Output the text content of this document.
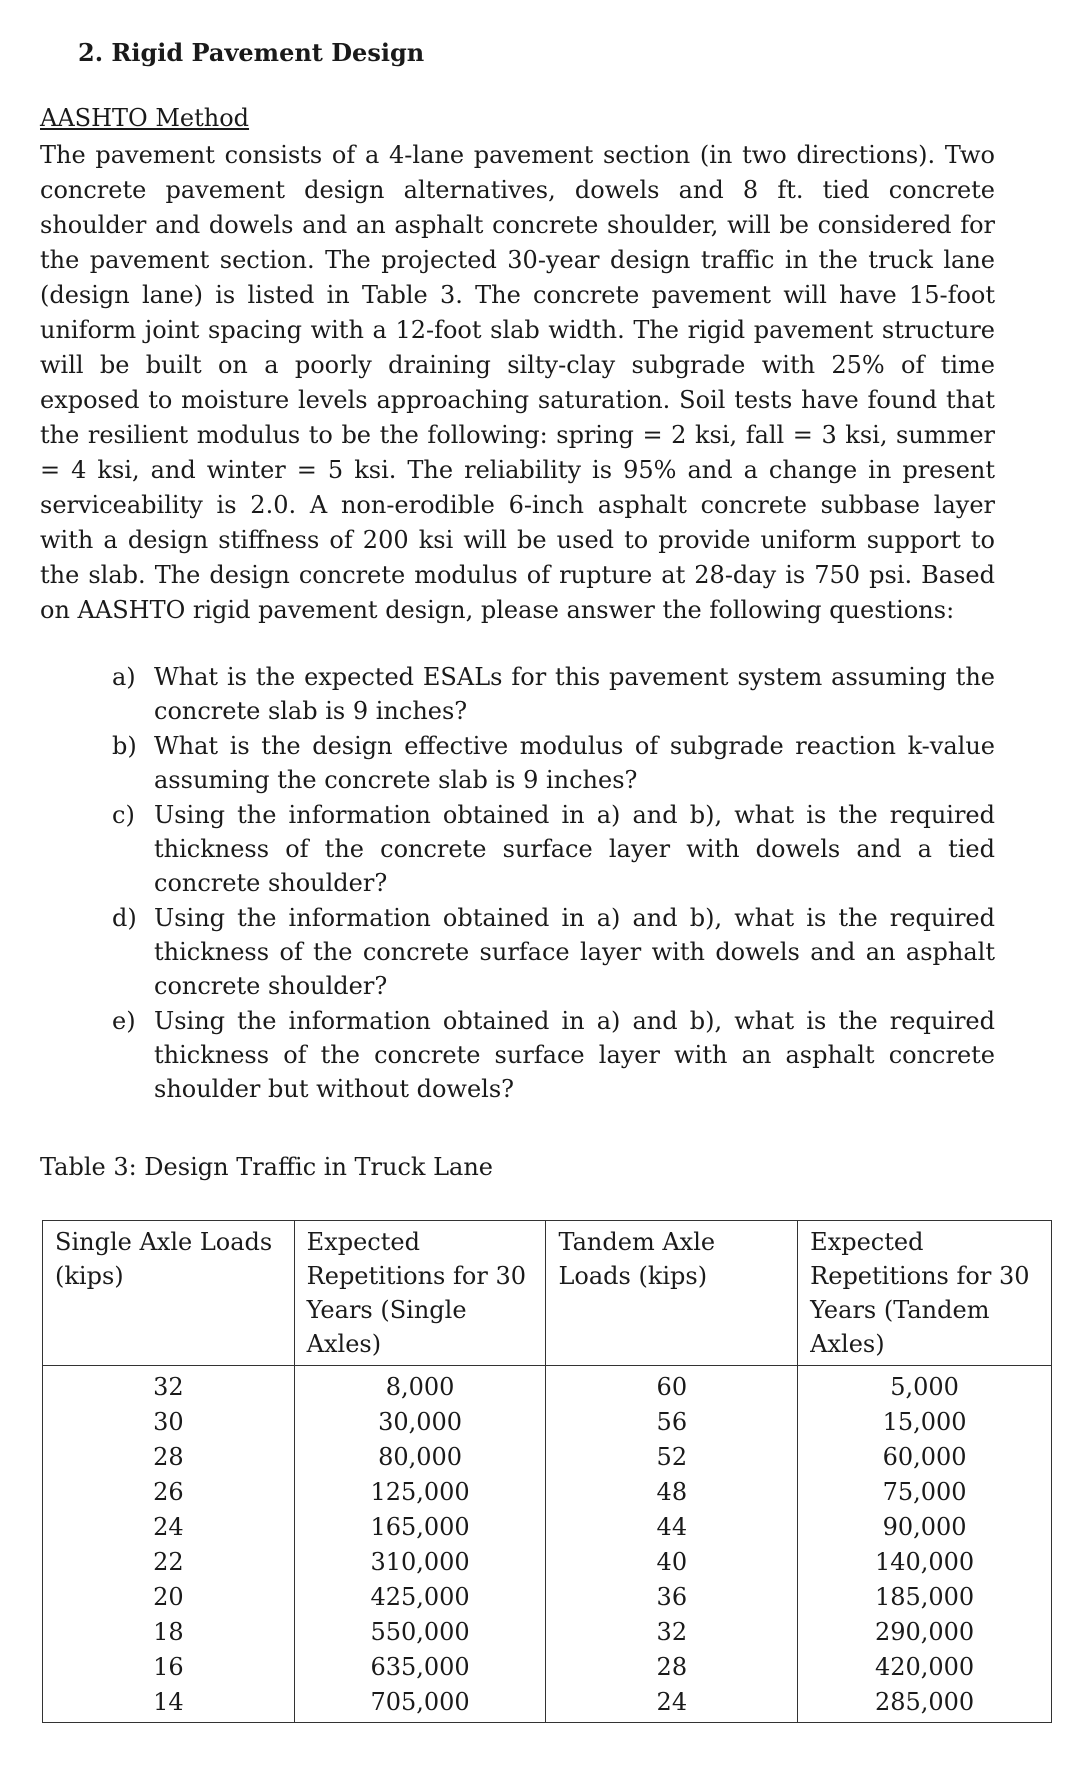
2. Rigid Pavement Design
AASHTO Method

The pavement consists of a 4-lane pavement section (in two directions). Two concrete pavement design alternatives, dowels and 8 ft. tied concrete shoulder and dowels and an asphalt concrete shoulder, will be considered for the pavement section. The projected 30-year design traffic in the truck lane (design lane) is listed in Table 3. The concrete pavement will have 15-foot uniform joint spacing with a 12-foot slab width. The rigid pavement structure will be built on a poorly draining silty-clay subgrade with 25% of time exposed to moisture levels approaching saturation. Soil tests have found that the resilient modulus to be the following: spring = 2 ksi, fall = 3 ksi, summer = 4 ksi, and winter = 5 ksi. The reliability is 95% and a change in present serviceability is 2.0. A non-erodible 6-inch asphalt concrete subbase layer with a design stiffness of 200 ksi will be used to provide uniform support to the slab. The design concrete modulus of rupture at 28-day is 750 psi. Based on AASHTO rigid pavement design, please answer the following questions:

a) What is the expected ESALs for this pavement system assuming the concrete slab is 9 inches?
b) What is the design effective modulus of subgrade reaction k-value assuming the concrete slab is 9 inches?
c) Using the information obtained in a) and b), what is the required thickness of the concrete surface layer with dowels and a tied concrete shoulder?
d) Using the information obtained in a) and b), what is the required thickness of the concrete surface layer with dowels and an asphalt concrete shoulder?
e) Using the information obtained in a) and b), what is the required thickness of the concrete surface layer with an asphalt concrete shoulder but without dowels?
Table 3: Design Traffic in Truck Lane
Single Axle Loads (kips)	Expected Repetitions for 30 Years (Single Axles)	Tandem Axle Loads (kips)	Expected Repetitions for 30 Years (Tandem Axles)
32	8,000	60	5,000
30	30,000	56	15,000
28	80,000	52	60,000
26	125,000	48	75,000
24	165,000	44	90,000
22	310,000	40	140,000
20	425,000	36	185,000
18	550,000	32	290,000
16	635,000	28	420,000
14	705,000	24	285,000
